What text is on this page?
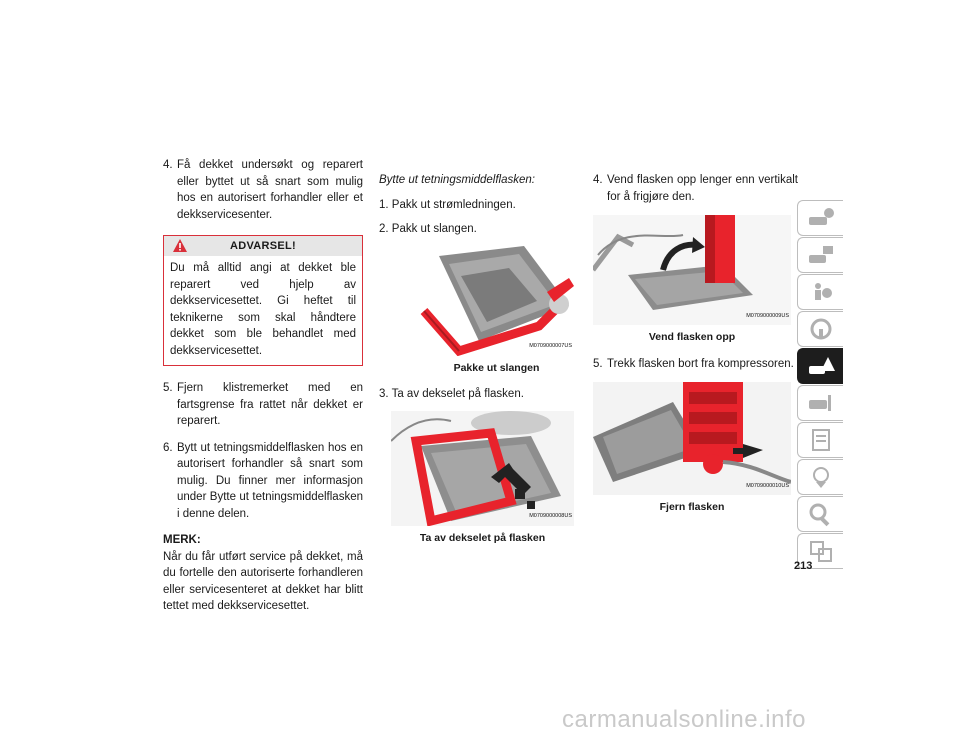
4. Få dekket undersøkt og reparert eller byttet ut så snart som mulig hos en autorisert forhandler eller et dekkservicesenter.
ADVARSEL!
Du må alltid angi at dekket ble reparert ved hjelp av dekkservicesettet. Gi heftet til teknikerne som skal håndtere dekket som ble behandlet med dekkservicesettet.
5. Fjern klistremerket med en fartsgrense fra rattet når dekket er reparert.
6. Bytt ut tetningsmiddelflasken hos en autorisert forhandler så snart som mulig. Du finner mer informasjon under Bytte ut tetningsmiddelflasken i denne delen.
MERK:
Når du får utført service på dekket, må du fortelle den autoriserte forhandleren eller servicesenteret at dekket har blitt tettet med dekkservicesettet.
Bytte ut tetningsmiddelflasken:
1. Pakk ut strømledningen.
2. Pakk ut slangen.
M0709000007US
Pakke ut slangen
3. Ta av dekselet på flasken.
M0709000008US
Ta av dekselet på flasken
4. Vend flasken opp lenger enn vertikalt for å frigjøre den.
M0709000009US
Vend flasken opp
5. Trekk flasken bort fra kompressoren.
M0709000010US
Fjern flasken
213
carmanualsonline.info
